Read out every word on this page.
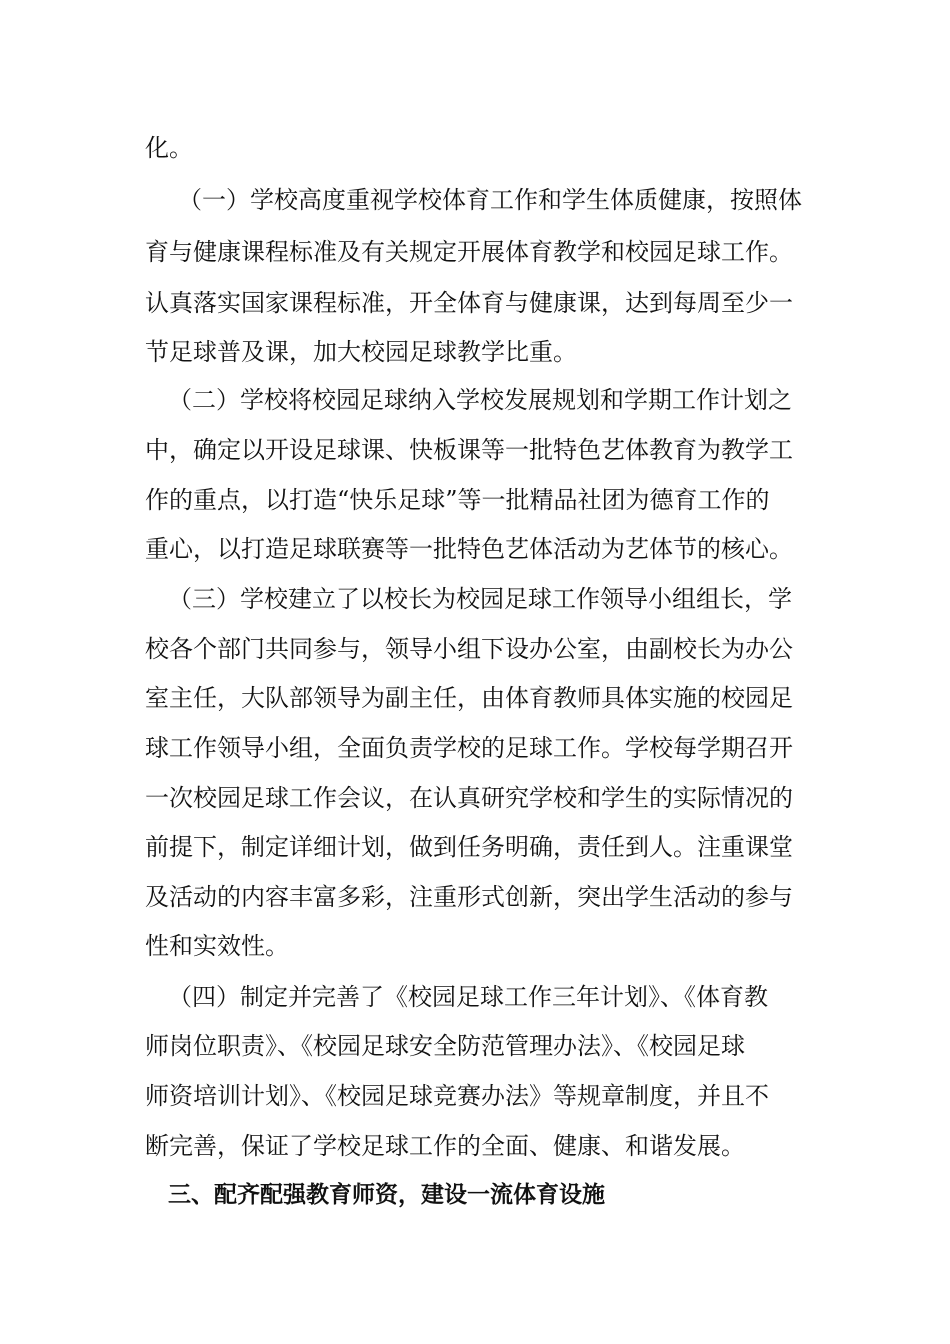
化。
（一）学校高度重视学校体育工作和学生体质健康，按照体
育与健康课程标准及有关规定开展体育教学和校园足球工作。
认真落实国家课程标准，开全体育与健康课，达到每周至少一
节足球普及课，加大校园足球教学比重。
（二）学校将校园足球纳入学校发展规划和学期工作计划之
中，确定以开设足球课、快板课等一批特色艺体教育为教学工
作的重点，以打造“快乐足球”等一批精品社团为德育工作的
重心，以打造足球联赛等一批特色艺体活动为艺体节的核心。
（三）学校建立了以校长为校园足球工作领导小组组长，学
校各个部门共同参与，领导小组下设办公室，由副校长为办公
室主任，大队部领导为副主任，由体育教师具体实施的校园足
球工作领导小组，全面负责学校的足球工作。学校每学期召开
一次校园足球工作会议，在认真研究学校和学生的实际情况的
前提下，制定详细计划，做到任务明确，责任到人。注重课堂
及活动的内容丰富多彩，注重形式创新，突出学生活动的参与
性和实效性。
（四）制定并完善了《校园足球工作三年计划》、《体育教
师岗位职责》、《校园足球安全防范管理办法》、《校园足球
师资培训计划》、《校园足球竞赛办法》等规章制度，并且不
断完善，保证了学校足球工作的全面、健康、和谐发展。
三、配齐配强教育师资，建设一流体育设施
